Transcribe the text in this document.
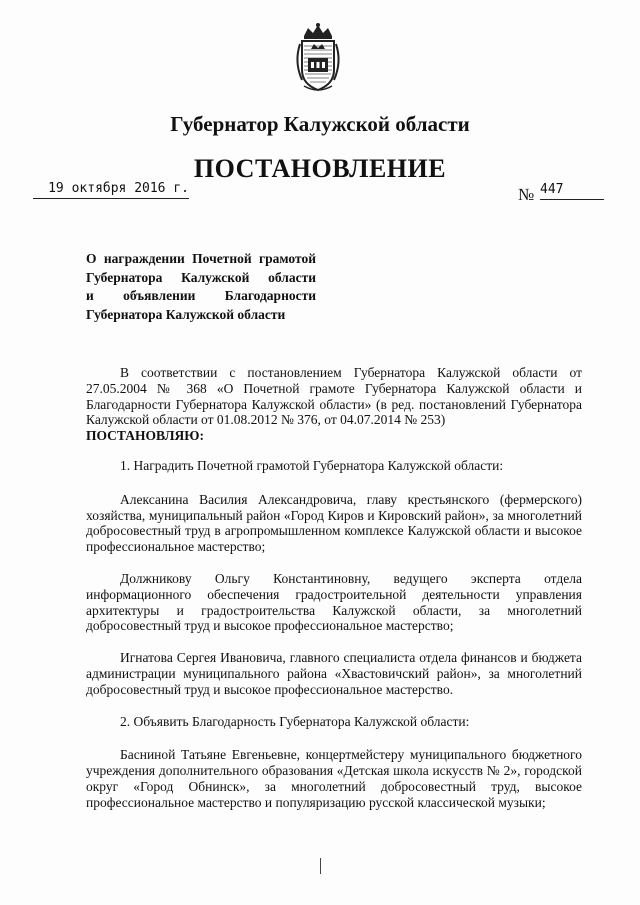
Губернатор Калужской области
ПОСТАНОВЛЕНИЕ
19 октября 2016 г.	№ 447
О награждении Почетной грамотой
Губернатора Калужской области
и объявлении Благодарности
Губернатора Калужской области

В соответствии с постановлением Губернатора Калужской области от 27.05.2004 № 368 «О Почетной грамоте Губернатора Калужской области и Благодарности Губернатора Калужской области» (в ред. постановлений Губернатора Калужской области от 01.08.2012 № 376, от 04.07.2014 № 253)

ПОСТАНОВЛЯЮ:

1. Наградить Почетной грамотой Губернатора Калужской области:

Алексанина Василия Александровича, главу крестьянского (фермерского) хозяйства, муниципальный район «Город Киров и Кировский район», за многолетний добросовестный труд в агропромышленном комплексе Калужской области и высокое профессиональное мастерство;

Должникову Ольгу Константиновну, ведущего эксперта отдела информационного обеспечения градостроительной деятельности управления архитектуры и градостроительства Калужской области, за многолетний добросовестный труд и высокое профессиональное мастерство;

Игнатова Сергея Ивановича, главного специалиста отдела финансов и бюджета администрации муниципального района «Хвастовичский район», за многолетний добросовестный труд и высокое профессиональное мастерство.

2. Объявить Благодарность Губернатора Калужской области:

Басниной Татьяне Евгеньевне, концертмейстеру муниципального бюджетного учреждения дополнительного образования «Детская школа искусств № 2», городской округ «Город Обнинск», за многолетний добросовестный труд, высокое профессиональное мастерство и популяризацию русской классической музыки;
